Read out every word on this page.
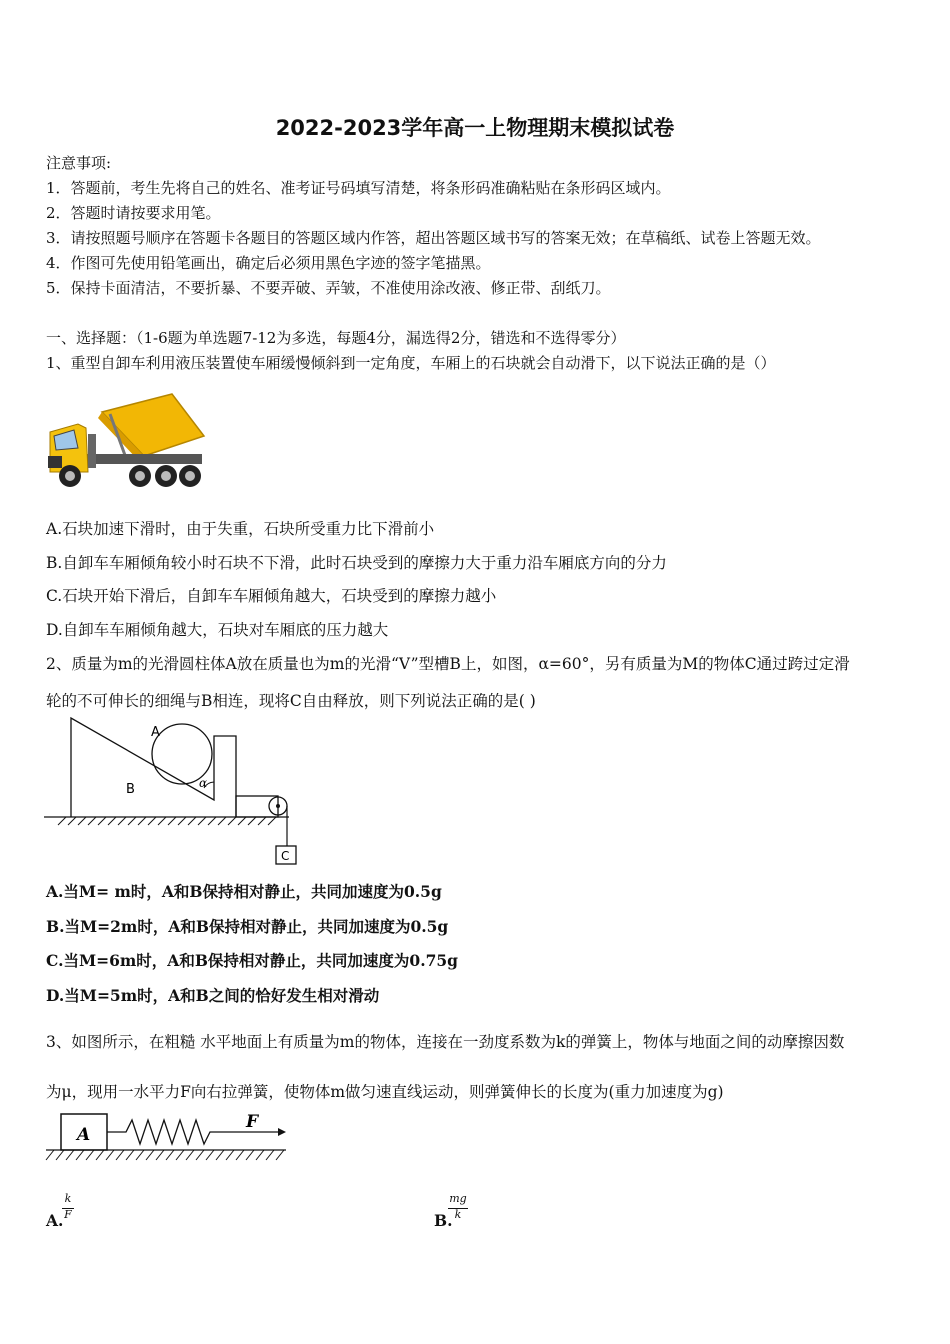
2022-2023学年高一上物理期末模拟试卷
注意事项:
1．答题前，考生先将自己的姓名、准考证号码填写清楚，将条形码准确粘贴在条形码区域内。
2．答题时请按要求用笔。
3．请按照题号顺序在答题卡各题目的答题区域内作答，超出答题区域书写的答案无效；在草稿纸、试卷上答题无效。
4．作图可先使用铅笔画出，确定后必须用黑色字迹的签字笔描黑。
5．保持卡面清洁，不要折暴、不要弄破、弄皱，不准使用涂改液、修正带、刮纸刀。
一、选择题：（1-6题为单选题7-12为多选，每题4分，漏选得2分，错选和不选得零分）
1、重型自卸车利用液压装置使车厢缓慢倾斜到一定角度，车厢上的石块就会自动滑下，以下说法正确的是（）
A.石块加速下滑时，由于失重，石块所受重力比下滑前小
B.自卸车车厢倾角较小时石块不下滑，此时石块受到的摩擦力大于重力沿车厢底方向的分力
C.石块开始下滑后，自卸车车厢倾角越大，石块受到的摩擦力越小
D.自卸车车厢倾角越大，石块对车厢底的压力越大
2、质量为m的光滑圆柱体A放在质量也为m的光滑“V”型槽B上，如图，α=60°，另有质量为M的物体C通过跨过定滑
轮的不可伸长的细绳与B相连，现将C自由释放，则下列说法正确的是( )
A
B
C
α
A.当M= m时，A和B保持相对静止，共同加速度为0.5g
B.当M=2m时，A和B保持相对静止，共同加速度为0.5g
C.当M=6m时，A和B保持相对静止，共同加速度为0.75g
D.当M=5m时，A和B之间的恰好发生相对滑动
3、如图所示，在粗糙 水平地面上有质量为m的物体，连接在一劲度系数为k的弹簧上，物体与地面之间的动摩擦因数
为μ，现用一水平力F向右拉弹簧，使物体m做匀速直线运动，则弹簧伸长的长度为(重力加速度为g)
A
F
A.
k
F	B.
mg
k
